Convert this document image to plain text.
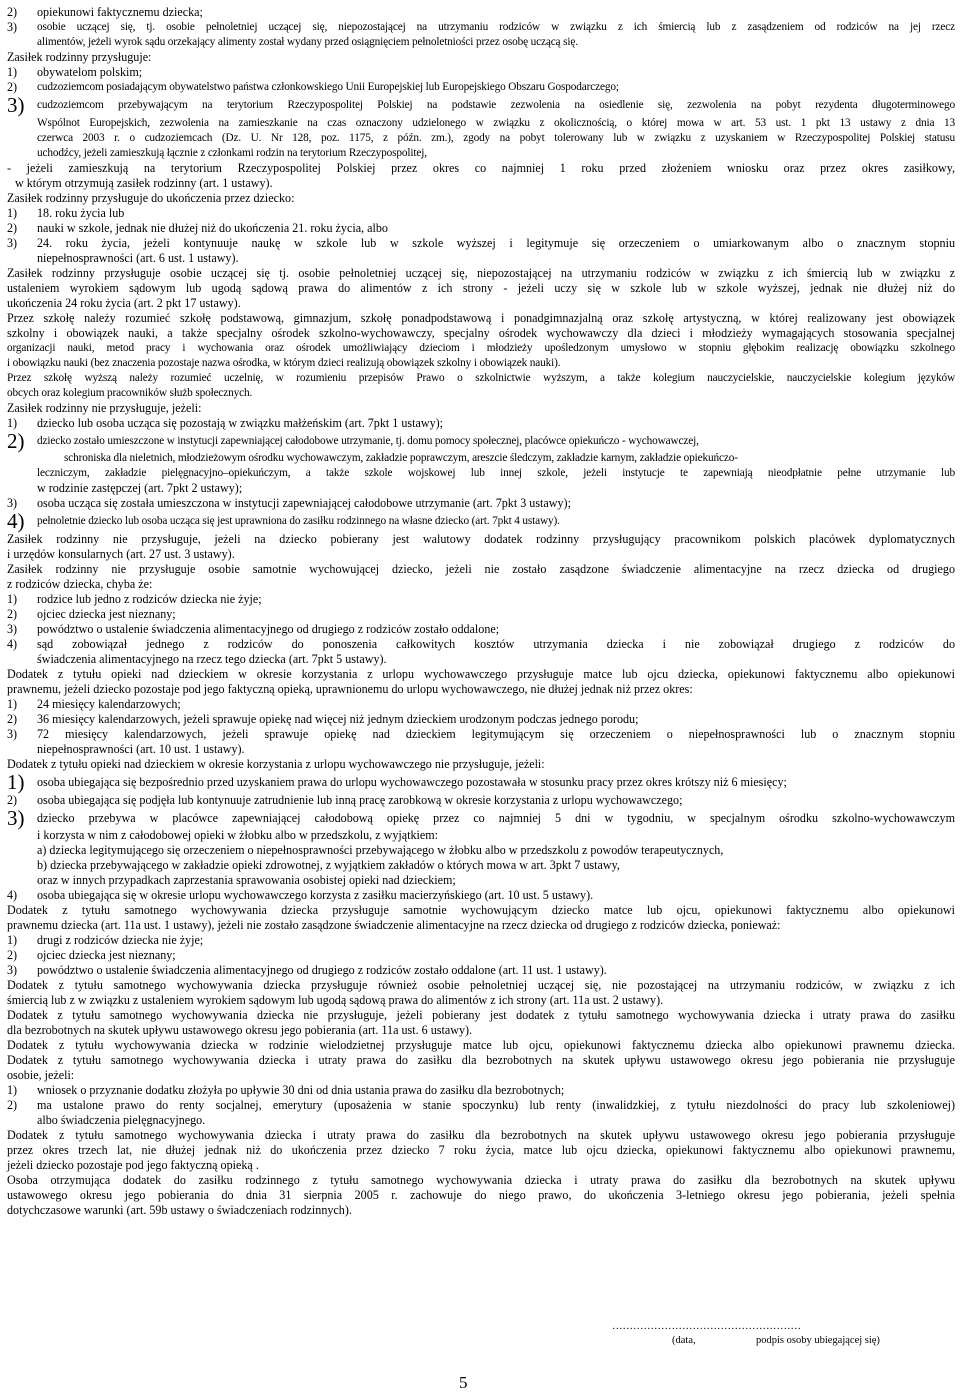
2) opiekunowi faktycznemu dziecka;
3) osobie uczącej się, tj. osobie pełnoletniej uczącej się, niepozostającej na utrzymaniu rodziców w związku z ich śmiercią lub z zasądzeniem od rodziców na jej rzecz
alimentów, jeżeli wyrok sądu orzekający alimenty został wydany przed osiągnięciem pełnoletniości przez osobę uczącą się.
Zasiłek rodzinny przysługuje:
1) obywatelom polskim;
2) cudzoziemcom posiadającym obywatelstwo państwa członkowskiego Unii Europejskiej lub Europejskiego Obszaru Gospodarczego;
3) cudzoziemcom przebywającym na terytorium Rzeczypospolitej Polskiej na podstawie zezwolenia na osiedlenie się, zezwolenia na pobyt rezydenta długoterminowego
Wspólnot Europejskich, zezwolenia na zamieszkanie na czas oznaczony udzielonego w związku z okolicznością, o której mowa w art. 53 ust. 1 pkt 13 ustawy z dnia 13
czerwca 2003 r. o cudzoziemcach (Dz. U. Nr 128, poz. 1175, z późn. zm.), zgody na pobyt tolerowany lub w związku z uzyskaniem w Rzeczypospolitej Polskiej statusu
uchodźcy, jeżeli zamieszkują łącznie z członkami rodzin na terytorium Rzeczypospolitej,
- jeżeli zamieszkują na terytorium Rzeczypospolitej Polskiej przez okres co najmniej 1 roku przed złożeniem wniosku oraz przez okres zasiłkowy,
w którym otrzymują zasiłek rodzinny (art. 1 ustawy).
Zasiłek rodzinny przysługuje do ukończenia przez dziecko:
1) 18. roku życia lub
2) nauki w szkole, jednak nie dłużej niż do ukończenia 21. roku życia, albo
3) 24. roku życia, jeżeli kontynuuje naukę w szkole lub w szkole wyższej i legitymuje się orzeczeniem o umiarkowanym albo o znacznym stopniu
niepełnosprawności (art. 6 ust. 1 ustawy).
Zasiłek rodzinny przysługuje osobie uczącej się tj. osobie pełnoletniej uczącej się, niepozostającej na utrzymaniu rodziców w związku z ich śmiercią lub w związku z
ustaleniem wyrokiem sądowym lub ugodą sądową prawa do alimentów z ich strony - jeżeli uczy się w szkole lub w szkole wyższej, jednak nie dłużej niż do
ukończenia 24 roku życia (art. 2 pkt 17 ustawy).
Przez szkołę należy rozumieć szkołę podstawową, gimnazjum, szkołę ponadpodstawową i ponadgimnazjalną oraz szkołę artystyczną, w której realizowany jest obowiązek
szkolny i obowiązek nauki, a także specjalny ośrodek szkolno-wychowawczy, specjalny ośrodek wychowawczy dla dzieci i młodzieży wymagających stosowania specjalnej
organizacji nauki, metod pracy i wychowania oraz ośrodek umożliwiający dzieciom i młodzieży upośledzonym umysłowo w stopniu głębokim realizację obowiązku szkolnego
i obowiązku nauki (bez znaczenia pozostaje nazwa ośrodka, w którym dzieci realizują obowiązek szkolny i obowiązek nauki).
Przez szkołę wyższą należy rozumieć uczelnię, w rozumieniu przepisów Prawo o szkolnictwie wyższym, a także kolegium nauczycielskie, nauczycielskie kolegium języków
obcych oraz kolegium pracowników służb społecznych.
Zasiłek rodzinny nie przysługuje, jeżeli:
1) dziecko lub osoba ucząca się pozostają w związku małżeńskim (art. 7pkt 1 ustawy);
2) dziecko zostało umieszczone w instytucji zapewniającej całodobowe utrzymanie, tj. domu pomocy społecznej, placówce opiekuńczo - wychowawczej,
schroniska dla nieletnich, młodzieżowym ośrodku wychowawczym, zakładzie poprawczym, areszcie śledczym, zakładzie karnym, zakładzie opiekuńczo-
leczniczym, zakładzie pielęgnacyjno–opiekuńczym, a także szkole wojskowej lub innej szkole, jeżeli instytucje te zapewniają nieodpłatnie pełne utrzymanie lub
w rodzinie zastępczej (art. 7pkt 2 ustawy);
3) osoba ucząca się została umieszczona w instytucji zapewniającej całodobowe utrzymanie (art. 7pkt 3 ustawy);
4) pełnoletnie dziecko lub osoba ucząca się jest uprawniona do zasiłku rodzinnego na własne dziecko (art. 7pkt 4 ustawy).
Zasiłek rodzinny nie przysługuje, jeżeli na dziecko pobierany jest walutowy dodatek rodzinny przysługujący pracownikom polskich placówek dyplomatycznych
i urzędów konsularnych (art. 27 ust. 3 ustawy).
Zasiłek rodzinny nie przysługuje osobie samotnie wychowującej dziecko, jeżeli nie zostało zasądzone świadczenie alimentacyjne na rzecz dziecka od drugiego
z rodziców dziecka, chyba że:
1) rodzice lub jedno z rodziców dziecka nie żyje;
2) ojciec dziecka jest nieznany;
3) powództwo o ustalenie świadczenia alimentacyjnego od drugiego z rodziców zostało oddalone;
4) sąd zobowiązał jednego z rodziców do ponoszenia całkowitych kosztów utrzymania dziecka i nie zobowiązał drugiego z rodziców do
świadczenia alimentacyjnego na rzecz tego dziecka (art. 7pkt 5 ustawy).
Dodatek z tytułu opieki nad dzieckiem w okresie korzystania z urlopu wychowawczego przysługuje matce lub ojcu dziecka, opiekunowi faktycznemu albo opiekunowi
prawnemu, jeżeli dziecko pozostaje pod jego faktyczną opieką, uprawnionemu do urlopu wychowawczego, nie dłużej jednak niż przez okres:
1) 24 miesięcy kalendarzowych;
2) 36 miesięcy kalendarzowych, jeżeli sprawuje opiekę nad więcej niż jednym dzieckiem urodzonym podczas jednego porodu;
3) 72 miesięcy kalendarzowych, jeżeli sprawuje opiekę nad dzieckiem legitymującym się orzeczeniem o niepełnosprawności lub o znacznym stopniu
niepełnosprawności (art. 10 ust. 1 ustawy).
Dodatek z tytułu opieki nad dzieckiem w okresie korzystania z urlopu wychowawczego nie przysługuje, jeżeli:
1) osoba ubiegająca się bezpośrednio przed uzyskaniem prawa do urlopu wychowawczego pozostawała w stosunku pracy przez okres krótszy niż 6 miesięcy;
2) osoba ubiegająca się podjęła lub kontynuuje zatrudnienie lub inną pracę zarobkową w okresie korzystania z urlopu wychowawczego;
3) dziecko przebywa w placówce zapewniającej całodobową opiekę przez co najmniej 5 dni w tygodniu, w specjalnym ośrodku szkolno-wychowawczym
i korzysta w nim z całodobowej opieki w żłobku albo w przedszkolu, z wyjątkiem:
a) dziecka legitymującego się orzeczeniem o niepełnosprawności przebywającego w żłobku albo w przedszkolu z powodów terapeutycznych,
b) dziecka przebywającego w zakładzie opieki zdrowotnej, z wyjątkiem zakładów o których mowa w art. 3pkt 7 ustawy,
oraz w innych przypadkach zaprzestania sprawowania osobistej opieki nad dzieckiem;
4) osoba ubiegająca się w okresie urlopu wychowawczego korzysta z zasiłku macierzyńskiego (art. 10 ust. 5 ustawy).
Dodatek z tytułu samotnego wychowywania dziecka przysługuje samotnie wychowującym dziecko matce lub ojcu, opiekunowi faktycznemu albo opiekunowi
prawnemu dziecka (art. 11a ust. 1 ustawy), jeżeli nie zostało zasądzone świadczenie alimentacyjne na rzecz dziecka od drugiego z rodziców dziecka, ponieważ:
1) drugi z rodziców dziecka nie żyje;
2) ojciec dziecka jest nieznany;
3) powództwo o ustalenie świadczenia alimentacyjnego od drugiego z rodziców zostało oddalone (art. 11 ust. 1 ustawy).
Dodatek z tytułu samotnego wychowywania dziecka przysługuje również osobie pełnoletniej uczącej się, nie pozostającej na utrzymaniu rodziców, w związku z ich
śmiercią lub z w związku z ustaleniem wyrokiem sądowym lub ugodą sądową prawa do alimentów z ich strony (art. 11a ust. 2 ustawy).
Dodatek z tytułu samotnego wychowywania dziecka nie przysługuje, jeżeli pobierany jest dodatek z tytułu samotnego wychowywania dziecka i utraty prawa do zasiłku
dla bezrobotnych na skutek upływu ustawowego okresu jego pobierania (art. 11a ust. 6 ustawy).
Dodatek z tytułu wychowywania dziecka w rodzinie wielodzietnej przysługuje matce lub ojcu, opiekunowi faktycznemu dziecka albo opiekunowi prawnemu dziecka.
Dodatek z tytułu samotnego wychowywania dziecka i utraty prawa do zasiłku dla bezrobotnych na skutek upływu ustawowego okresu jego pobierania nie przysługuje
osobie, jeżeli:
1) wniosek o przyznanie dodatku złożyła po upływie 30 dni od dnia ustania prawa do zasiłku dla bezrobotnych;
2) ma ustalone prawo do renty socjalnej, emerytury (uposażenia w stanie spoczynku) lub renty (inwalidzkiej, z tytułu niezdolności do pracy lub szkoleniowej)
albo świadczenia pielęgnacyjnego.
Dodatek z tytułu samotnego wychowywania dziecka i utraty prawa do zasiłku dla bezrobotnych na skutek upływu ustawowego okresu jego pobierania przysługuje
przez okres trzech lat, nie dłużej jednak niż do ukończenia przez dziecko 7 roku życia, matce lub ojcu dziecka, opiekunowi faktycznemu albo opiekunowi prawnemu,
jeżeli dziecko pozostaje pod jego faktyczną opieką .
Osoba otrzymująca dodatek do zasiłku rodzinnego z tytułu samotnego wychowywania dziecka i utraty prawa do zasiłku dla bezrobotnych na skutek upływu
ustawowego okresu jego pobierania do dnia 31 sierpnia 2005 r. zachowuje do niego prawo, do ukończenia 3-letniego okresu jego pobierania, jeżeli spełnia
dotychczasowe warunki (art. 59b ustawy o świadczeniach rodzinnych).
………………………………………………
(data,	podpis osoby ubiegającej się)
5
